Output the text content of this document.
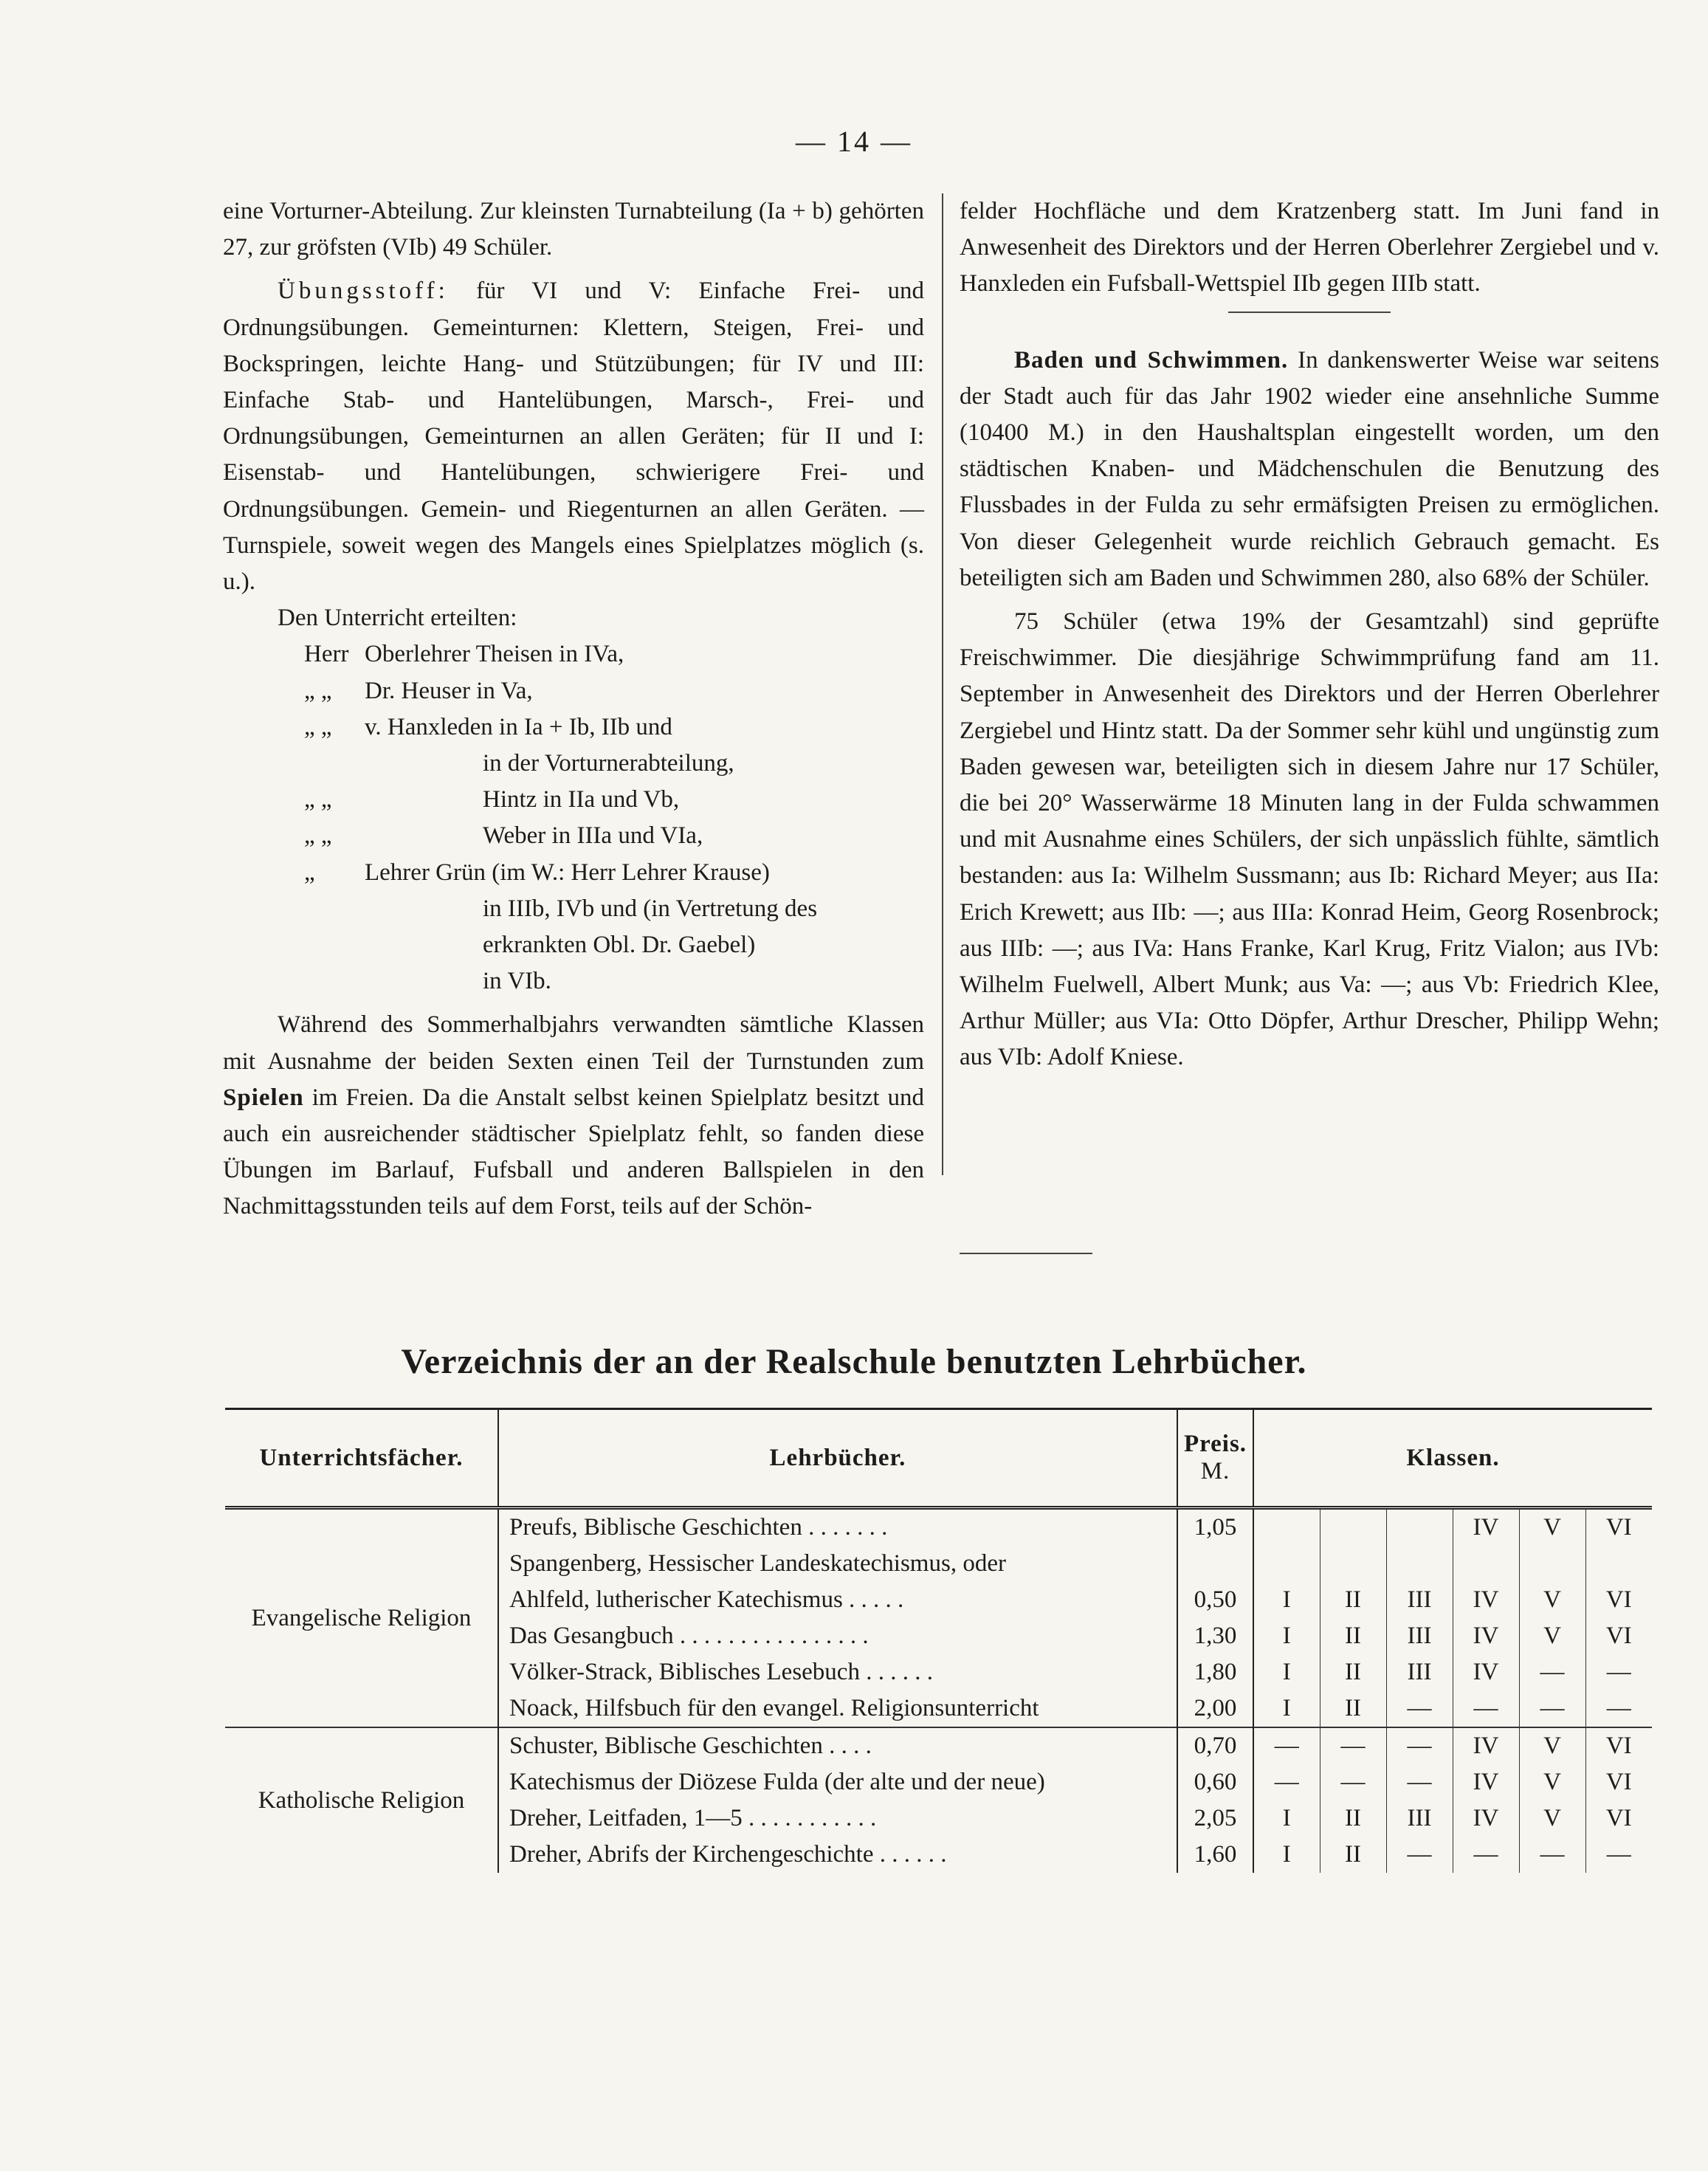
— 14 —

eine Vorturner-Abteilung. Zur kleinsten Turnabteilung (Ia + b) gehörten 27, zur gröfsten (VIb) 49 Schüler.

Übungsstoff: für VI und V: Einfache Frei- und Ordnungsübungen. Gemeinturnen: Klettern, Steigen, Frei- und Bockspringen, leichte Hang- und Stützübungen; für IV und III: Einfache Stab- und Hantelübungen, Marsch-, Frei- und Ordnungsübungen, Gemeinturnen an allen Geräten; für II und I: Eisenstab- und Hantelübungen, schwierigere Frei- und Ordnungsübungen. Gemein- und Riegenturnen an allen Geräten. — Turnspiele, soweit wegen des Mangels eines Spielplatzes möglich (s. u.).

Den Unterricht erteilten:

Herr Oberlehrer Theisen in IVa,
„ „	Dr. Heuser in Va,
„ „	v. Hanxleden in Ia + Ib, IIb und
in der Vorturnerabteilung,
„ „	Hintz in IIa und Vb,
„ „	Weber in IIIa und VIa,
„	Lehrer Grün (im W.: Herr Lehrer Krause)
in IIIb, IVb und (in Vertretung des
erkrankten Obl. Dr. Gaebel)
in VIb.

Während des Sommerhalbjahrs verwandten sämtliche Klassen mit Ausnahme der beiden Sexten einen Teil der Turnstunden zum Spielen im Freien. Da die Anstalt selbst keinen Spielplatz besitzt und auch ein ausreichender städtischer Spielplatz fehlt, so fanden diese Übungen im Barlauf, Fufsball und anderen Ballspielen in den Nachmittagsstunden teils auf dem Forst, teils auf der Schön-

felder Hochfläche und dem Kratzenberg statt. Im Juni fand in Anwesenheit des Direktors und der Herren Oberlehrer Zergiebel und v. Hanxleden ein Fufsball-Wettspiel IIb gegen IIIb statt.

Baden und Schwimmen. In dankenswerter Weise war seitens der Stadt auch für das Jahr 1902 wieder eine ansehnliche Summe (10400 M.) in den Haushaltsplan eingestellt worden, um den städtischen Knaben- und Mädchenschulen die Benutzung des Flussbades in der Fulda zu sehr ermäfsigten Preisen zu ermöglichen. Von dieser Gelegenheit wurde reichlich Gebrauch gemacht. Es beteiligten sich am Baden und Schwimmen 280, also 68% der Schüler.

75 Schüler (etwa 19% der Gesamtzahl) sind geprüfte Freischwimmer. Die diesjährige Schwimmprüfung fand am 11. September in Anwesenheit des Direktors und der Herren Oberlehrer Zergiebel und Hintz statt. Da der Sommer sehr kühl und ungünstig zum Baden gewesen war, beteiligten sich in diesem Jahre nur 17 Schüler, die bei 20° Wasserwärme 18 Minuten lang in der Fulda schwammen und mit Ausnahme eines Schülers, der sich unpässlich fühlte, sämtlich bestanden: aus Ia: Wilhelm Sussmann; aus Ib: Richard Meyer; aus IIa: Erich Krewett; aus IIb: —; aus IIIa: Konrad Heim, Georg Rosenbrock; aus IIIb: —; aus IVa: Hans Franke, Karl Krug, Fritz Vialon; aus IVb: Wilhelm Fuelwell, Albert Munk; aus Va: —; aus Vb: Friedrich Klee, Arthur Müller; aus VIa: Otto Döpfer, Arthur Drescher, Philipp Wehn; aus VIb: Adolf Kniese.

Verzeichnis der an der Realschule benutzten Lehrbücher.
Unterrichtsfächer.	Lehrbücher.	Preis.
M.	Klassen.					
Evangelische Religion	Preufs, Biblische Geschichten . . . . . . .	1,05				IV	V	VI
	Spangenberg, Hessischer Landeskatechismus, oder							
	Ahlfeld, lutherischer Katechismus . . . . .	0,50	I	II	III	IV	V	VI
	Das Gesangbuch . . . . . . . . . . . . . . . .	1,30	I	II	III	IV	V	VI
	Völker-Strack, Biblisches Lesebuch . . . . . .	1,80	I	II	III	IV	—	—
	Noack, Hilfsbuch für den evangel. Religionsunterricht	2,00	I	II	—	—	—	—
Katholische Religion	Schuster, Biblische Geschichten . . . .	0,70	—	—	—	IV	V	VI
	Katechismus der Diözese Fulda (der alte und der neue)	0,60	—	—	—	IV	V	VI
	Dreher, Leitfaden, 1—5 . . . . . . . . . . .	2,05	I	II	III	IV	V	VI
	Dreher, Abrifs der Kirchengeschichte . . . . . .	1,60	I	II	—	—	—	—
